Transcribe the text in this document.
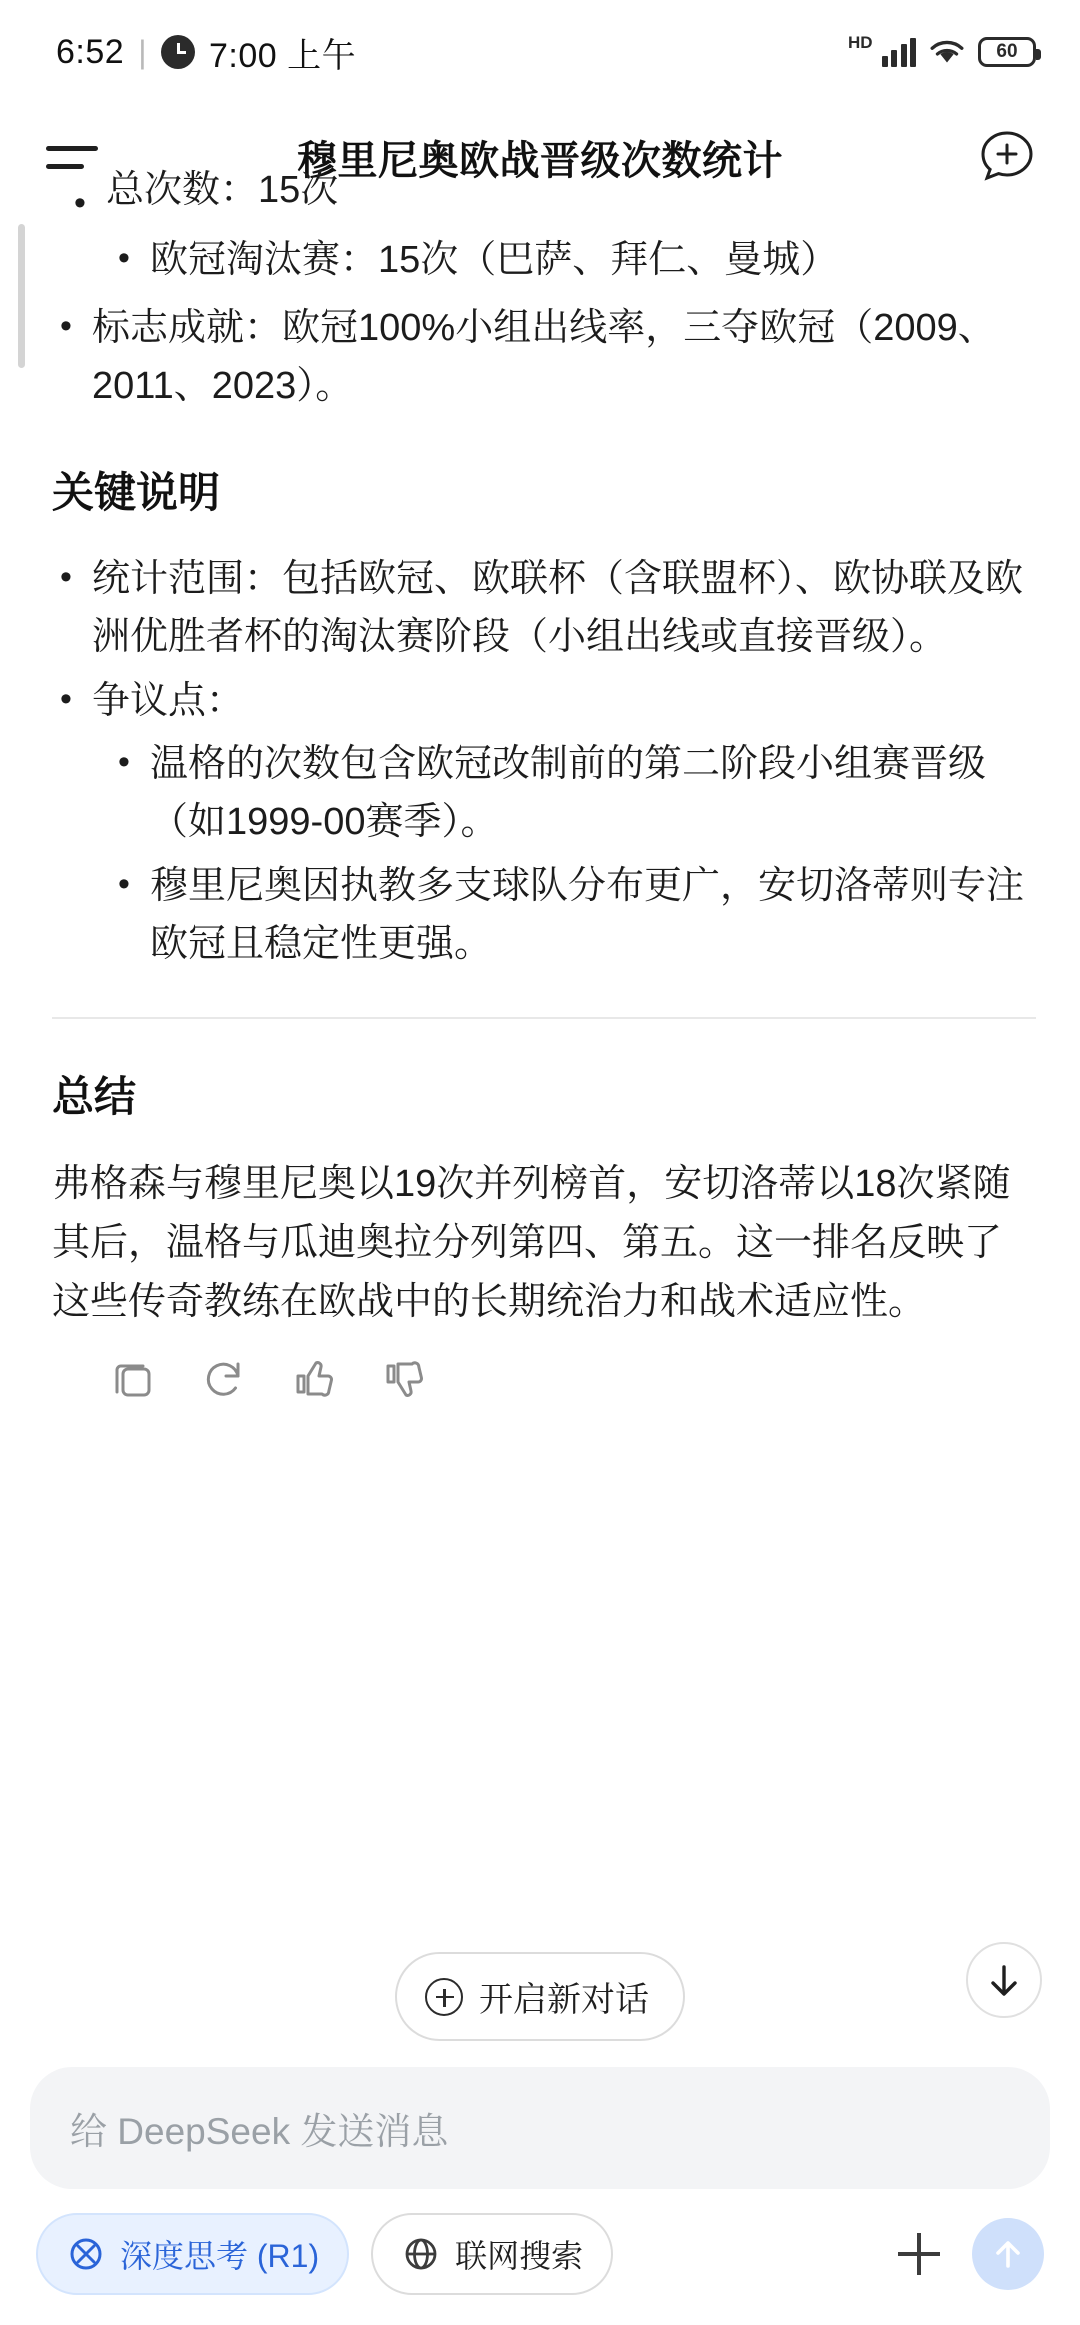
6:52 | 7:00 上午	HD	60
穆里尼奥欧战晋级次数统计
• 总次数：15次
• 欧冠淘汰赛：15次（巴萨、拜仁、曼城）
• 标志成就：欧冠100%小组出线率，三夺欧冠（2009、2011、2023）。
关键说明
• 统计范围：包括欧冠、欧联杯（含联盟杯）、欧协联及欧洲优胜者杯的淘汰赛阶段（小组出线或直接晋级）。
• 争议点：
• 温格的次数包含欧冠改制前的第二阶段小组赛晋级（如1999-00赛季）。
• 穆里尼奥因执教多支球队分布更广，安切洛蒂则专注欧冠且稳定性更强。
总结
弗格森与穆里尼奥以19次并列榜首，安切洛蒂以18次紧随其后，温格与瓜迪奥拉分列第四、第五。这一排名反映了这些传奇教练在欧战中的长期统治力和战术适应性。
开启新对话
给 DeepSeek 发送消息
深度思考 (R1)	联网搜索
